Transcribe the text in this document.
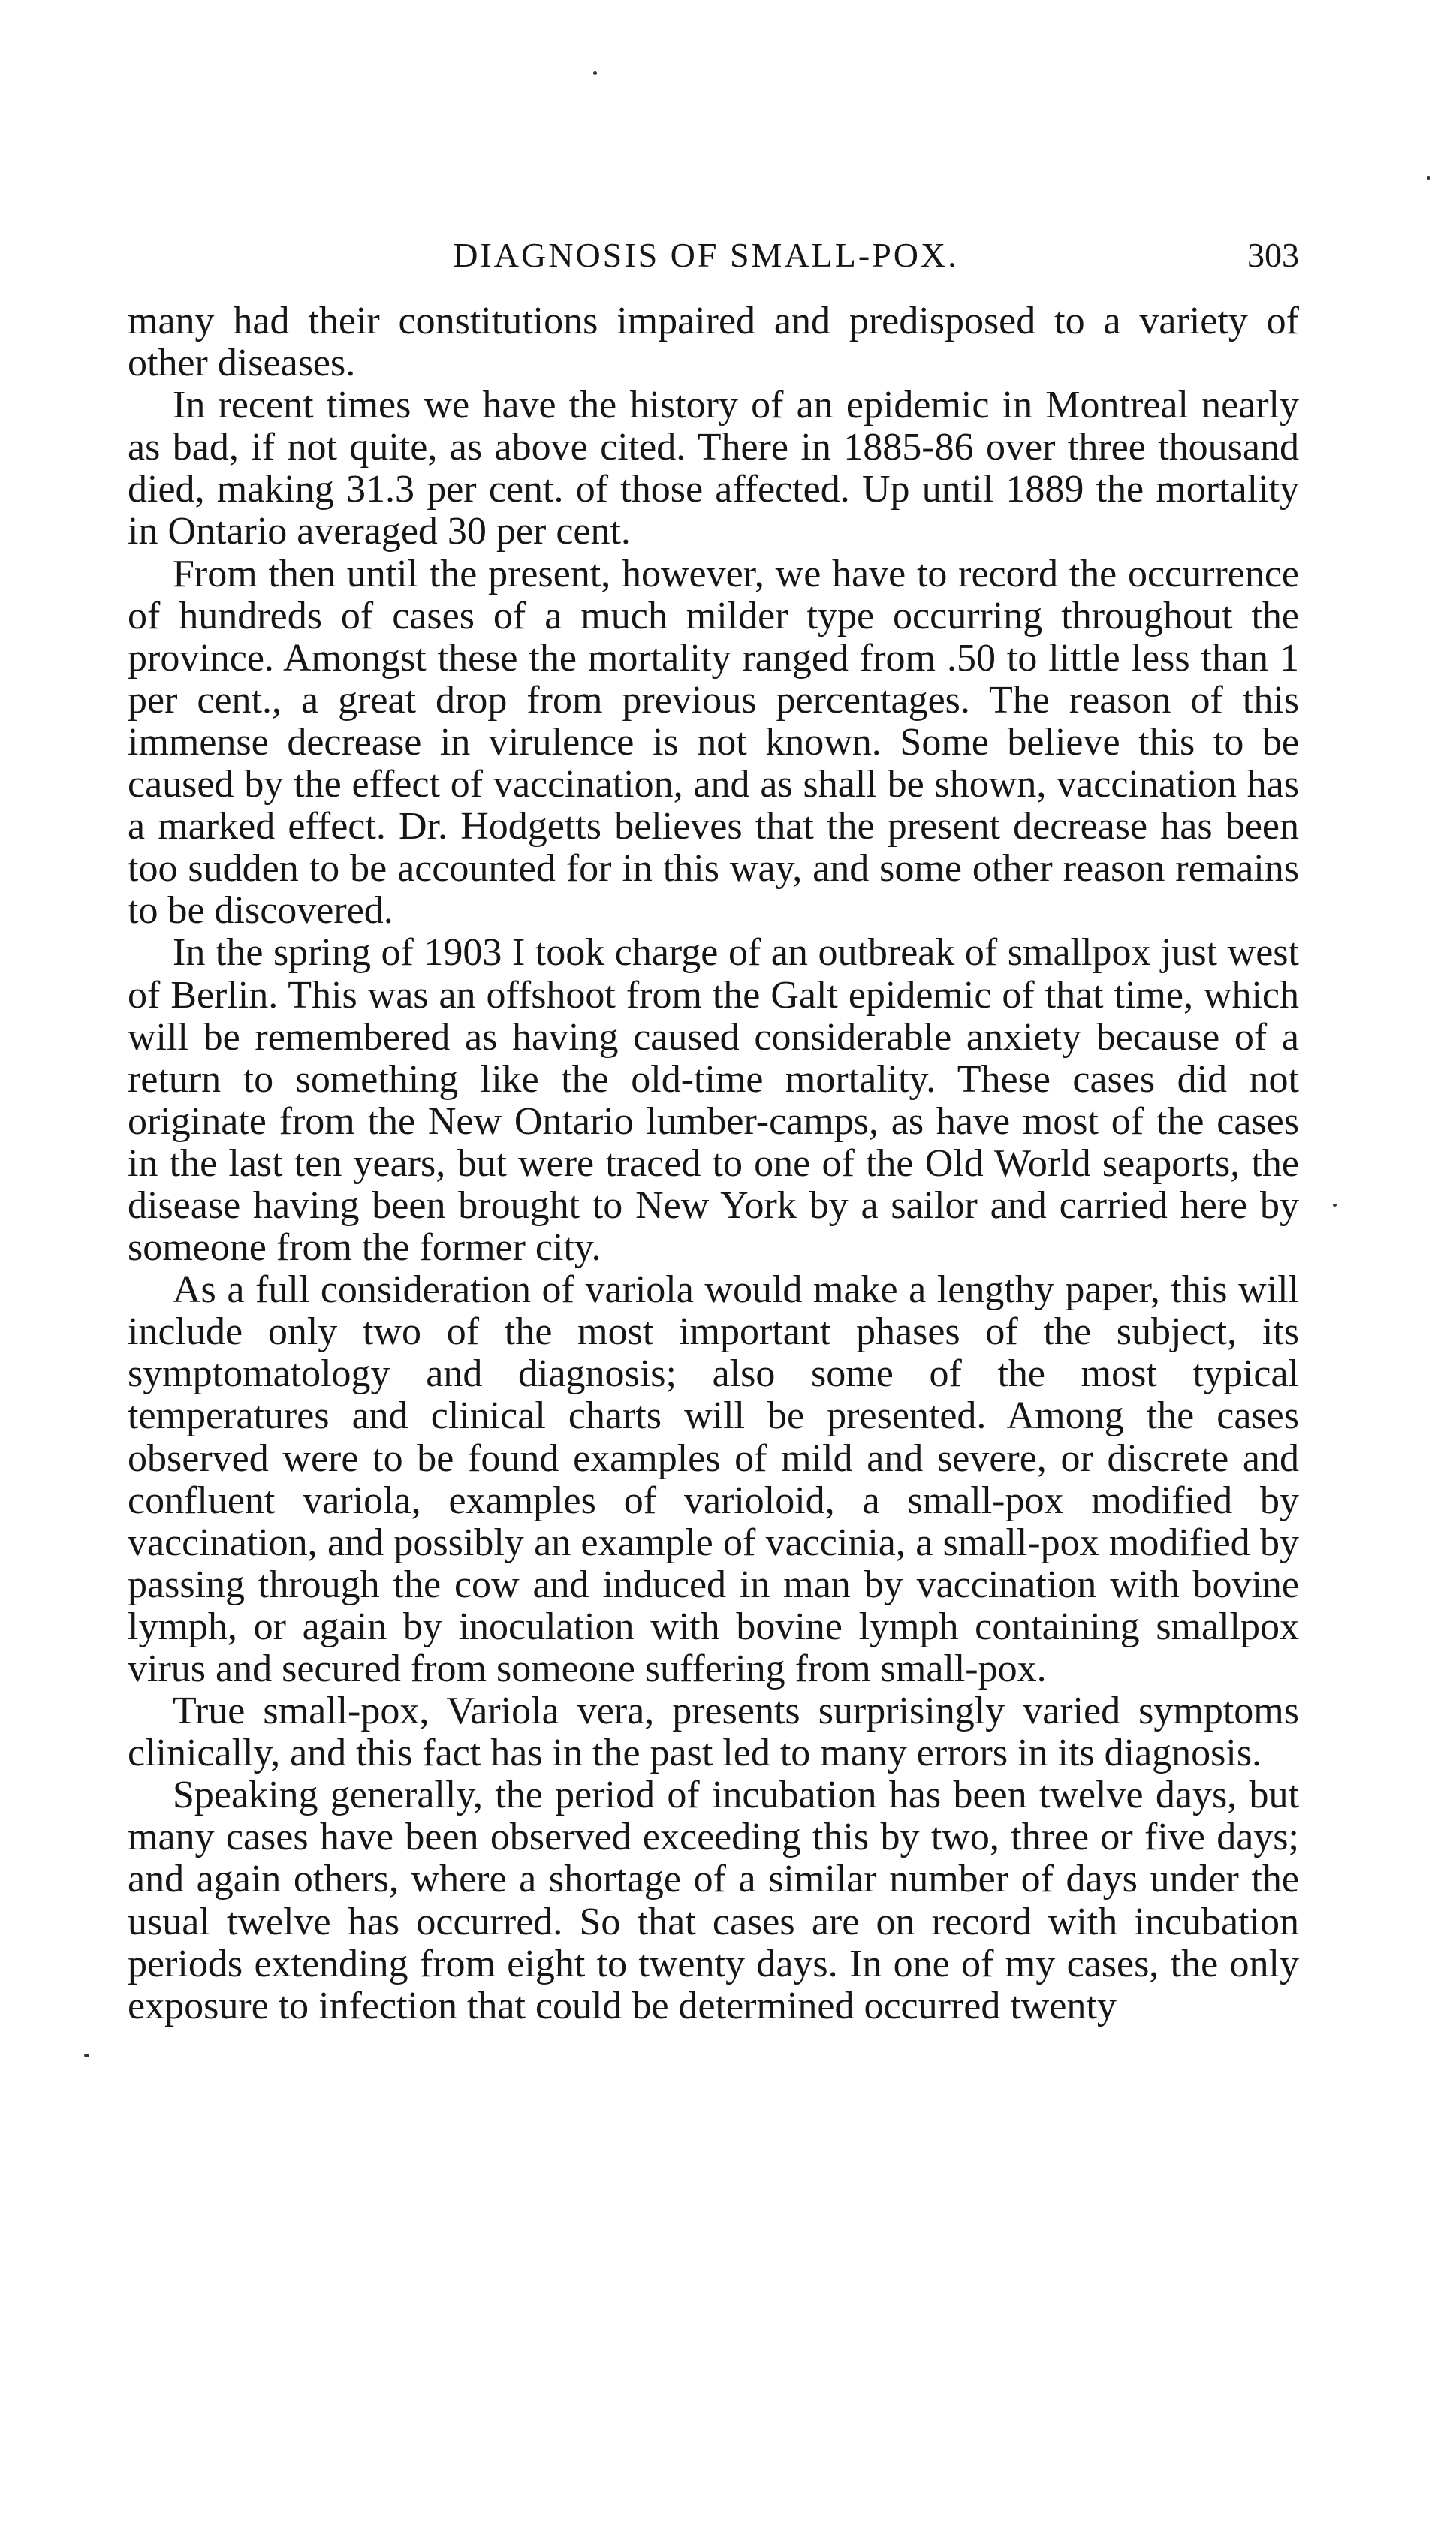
DIAGNOSIS OF SMALL-POX.	303

many had their constitutions impaired and predisposed to a variety of other diseases.

In recent times we have the history of an epidemic in Montreal nearly as bad, if not quite, as above cited. There in 1885-86 over three thousand died, making 31.3 per cent. of those affected. Up until 1889 the mortality in Ontario averaged 30 per cent.

From then until the present, however, we have to record the occurrence of hundreds of cases of a much milder type occurring throughout the province. Amongst these the mortality ranged from .50 to little less than 1 per cent., a great drop from previous percentages. The reason of this immense decrease in virulence is not known. Some believe this to be caused by the effect of vaccination, and as shall be shown, vaccination has a marked effect. Dr. Hodgetts believes that the present decrease has been too sudden to be accounted for in this way, and some other reason remains to be discovered.

In the spring of 1903 I took charge of an outbreak of smallpox just west of Berlin. This was an offshoot from the Galt epidemic of that time, which will be remembered as having caused considerable anxiety because of a return to something like the old-time mortality. These cases did not originate from the New Ontario lumber-camps, as have most of the cases in the last ten years, but were traced to one of the Old World seaports, the disease having been brought to New York by a sailor and carried here by someone from the former city.

As a full consideration of variola would make a lengthy paper, this will include only two of the most important phases of the subject, its symptomatology and diagnosis; also some of the most typical temperatures and clinical charts will be presented. Among the cases observed were to be found examples of mild and severe, or discrete and confluent variola, examples of varioloid, a small-pox modified by vaccination, and possibly an example of vaccinia, a small-pox modified by passing through the cow and induced in man by vaccination with bovine lymph, or again by inoculation with bovine lymph containing smallpox virus and secured from someone suffering from small-pox.

True small-pox, Variola vera, presents surprisingly varied symptoms clinically, and this fact has in the past led to many errors in its diagnosis.

Speaking generally, the period of incubation has been twelve days, but many cases have been observed exceeding this by two, three or five days; and again others, where a shortage of a similar number of days under the usual twelve has occurred. So that cases are on record with incubation periods extending from eight to twenty days. In one of my cases, the only exposure to infection that could be determined occurred twenty
